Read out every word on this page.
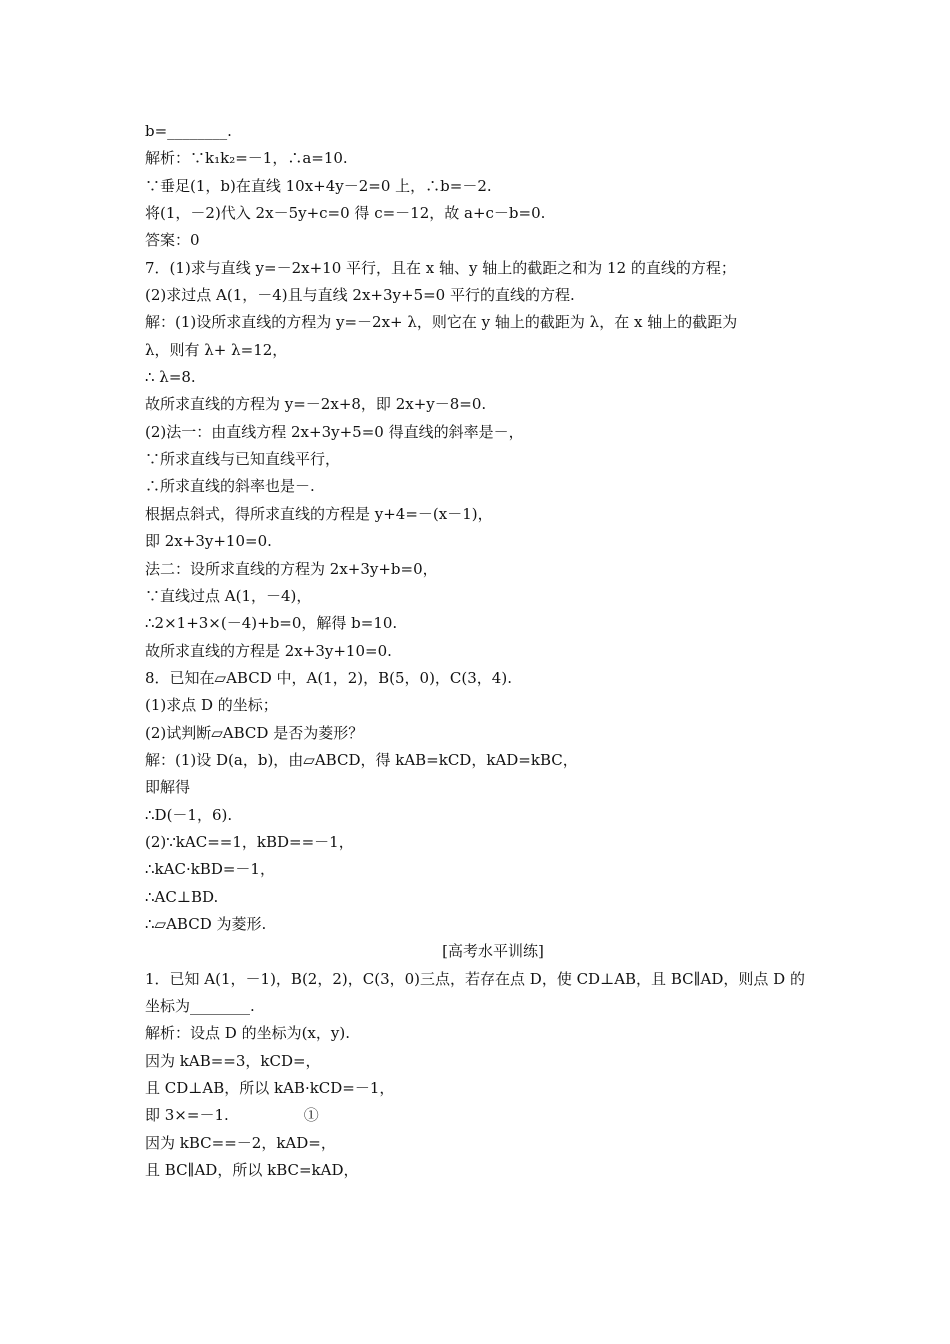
b=________.
解析：∵k₁k₂=－1，∴a=10.
∵垂足(1，b)在直线 10x+4y－2=0 上，∴b=－2.
将(1，－2)代入 2x－5y+c=0 得 c=－12，故 a+c－b=0.
答案：0
7．(1)求与直线 y=－2x+10 平行，且在 x 轴、y 轴上的截距之和为 12 的直线的方程；
(2)求过点 A(1，－4)且与直线 2x+3y+5=0 平行的直线的方程.
解：(1)设所求直线的方程为 y=－2x+ λ，则它在 y 轴上的截距为 λ，在 x 轴上的截距为
λ，则有 λ+ λ=12，
∴ λ=8.
故所求直线的方程为 y=－2x+8，即 2x+y－8=0.
(2)法一：由直线方程 2x+3y+5=0 得直线的斜率是－，
∵所求直线与已知直线平行，
∴所求直线的斜率也是－.
根据点斜式，得所求直线的方程是 y+4=－(x－1)，
即 2x+3y+10=0.
法二：设所求直线的方程为 2x+3y+b=0，
∵直线过点 A(1，－4)，
∴2×1+3×(－4)+b=0，解得 b=10.
故所求直线的方程是 2x+3y+10=0.
8．已知在▱ABCD 中，A(1，2)，B(5，0)，C(3，4).
(1)求点 D 的坐标；
(2)试判断▱ABCD 是否为菱形？
解：(1)设 D(a，b)，由▱ABCD，得 kAB=kCD，kAD=kBC，
即解得
∴D(－1，6).
(2)∵kAC==1，kBD==－1，
∴kAC·kBD=－1，
∴AC⊥BD.
∴▱ABCD 为菱形.
[高考水平训练]
1．已知 A(1，－1)，B(2，2)，C(3，0)三点，若存在点 D，使 CD⊥AB，且 BC∥AD，则点 D 的
坐标为________.
解析：设点 D 的坐标为(x，y).
因为 kAB==3，kCD=，
且 CD⊥AB，所以 kAB·kCD=－1，
即 3×=－1.　　　　　①
因为 kBC==－2，kAD=，
且 BC∥AD，所以 kBC=kAD，
